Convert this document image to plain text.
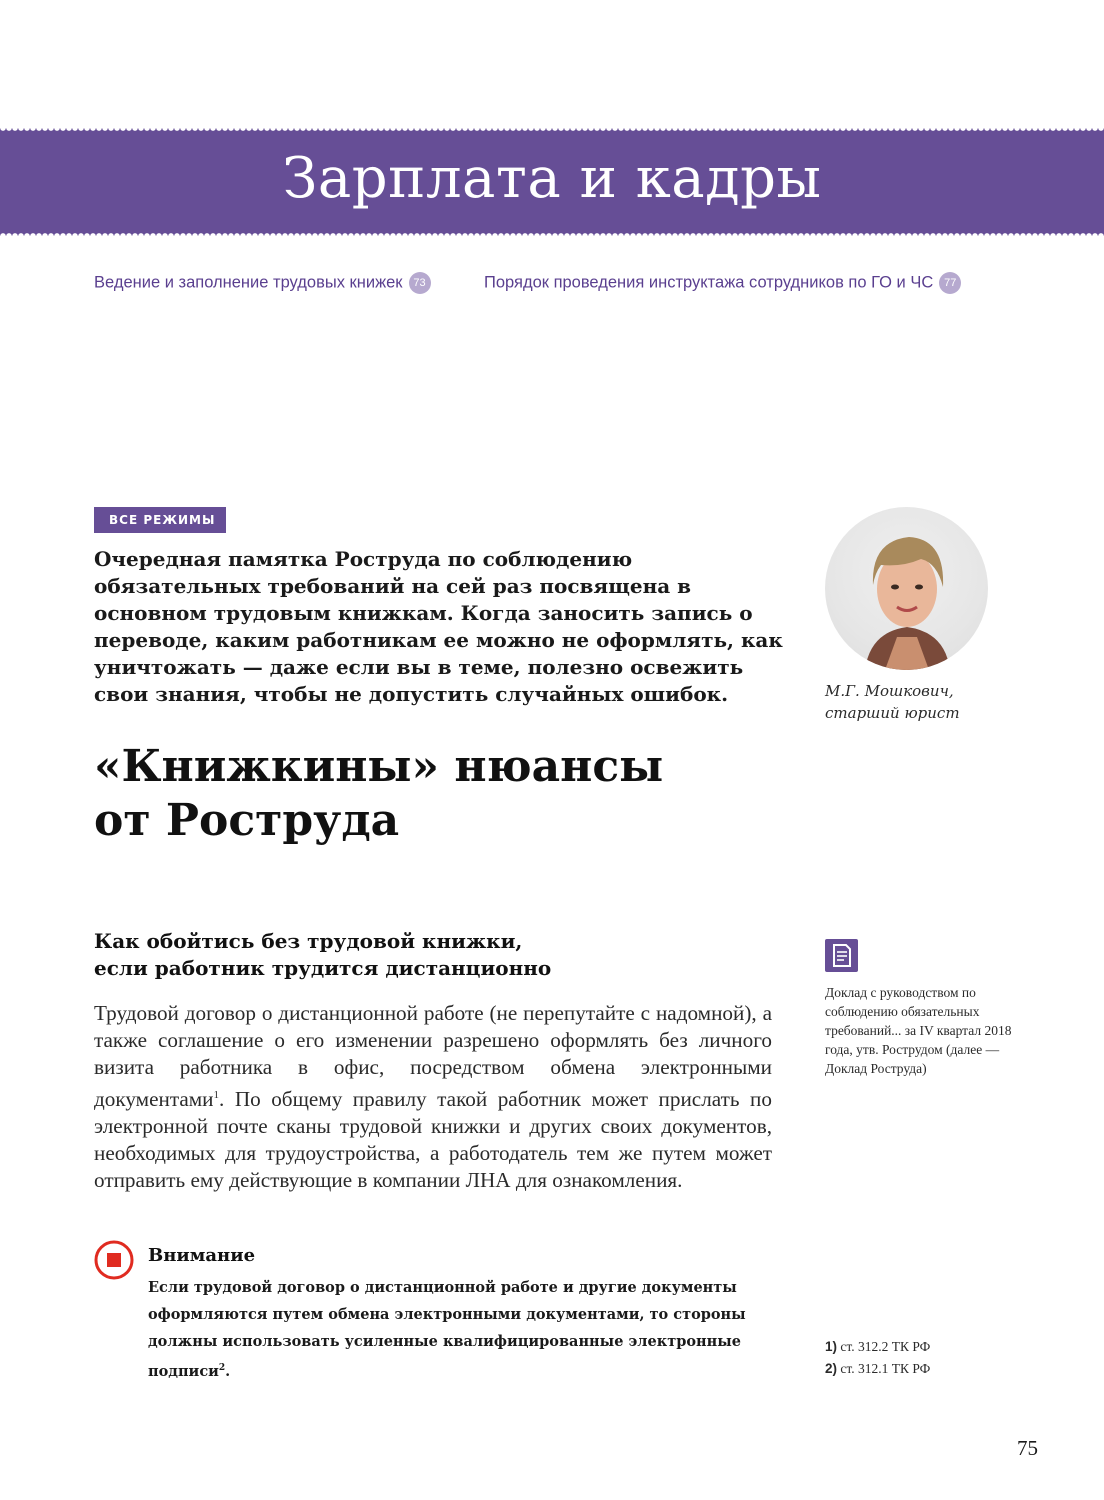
Зарплата и кадры
Ведение и заполнение трудовых книжек 73	Порядок проведения инструктажа сотрудников по ГО и ЧС 77
ВСЕ РЕЖИМЫ
Очередная памятка Роструда по соблюдению обязательных требований на сей раз посвящена в основном трудовым книжкам. Когда заносить запись о переводе, каким работникам ее можно не оформлять, как уничтожать — даже если вы в теме, полезно освежить свои знания, чтобы не допустить случайных ошибок.	М.Г. Мошкович,
старший юрист
«Книжкины» нюансы
от Роструда
Как обойтись без трудовой книжки,
если работник трудится дистанционно
Трудовой договор о дистанционной работе (не перепутайте с надомной), а также соглашение о его изменении разрешено оформлять без личного визита работника в офис, посредством обмена электронными документами$^1$. По общему правилу такой работник может прислать по электронной почте сканы трудовой книжки и других своих документов, необходимых для трудоустройства, а работодатель тем же путем может отправить ему действующие в компании ЛНА для ознакомления.
Доклад с руководством по соблюдению обязательных требований... за IV квартал 2018 года, утв. Рострудом (далее — Доклад Роструда)
Внимание
Если трудовой договор о дистанционной работе и другие документы оформляются путем обмена электронными документами, то стороны должны использовать усиленные квалифицированные электронные подписи$^2$.
1) ст. 312.2 ТК РФ
2) ст. 312.1 ТК РФ
75
